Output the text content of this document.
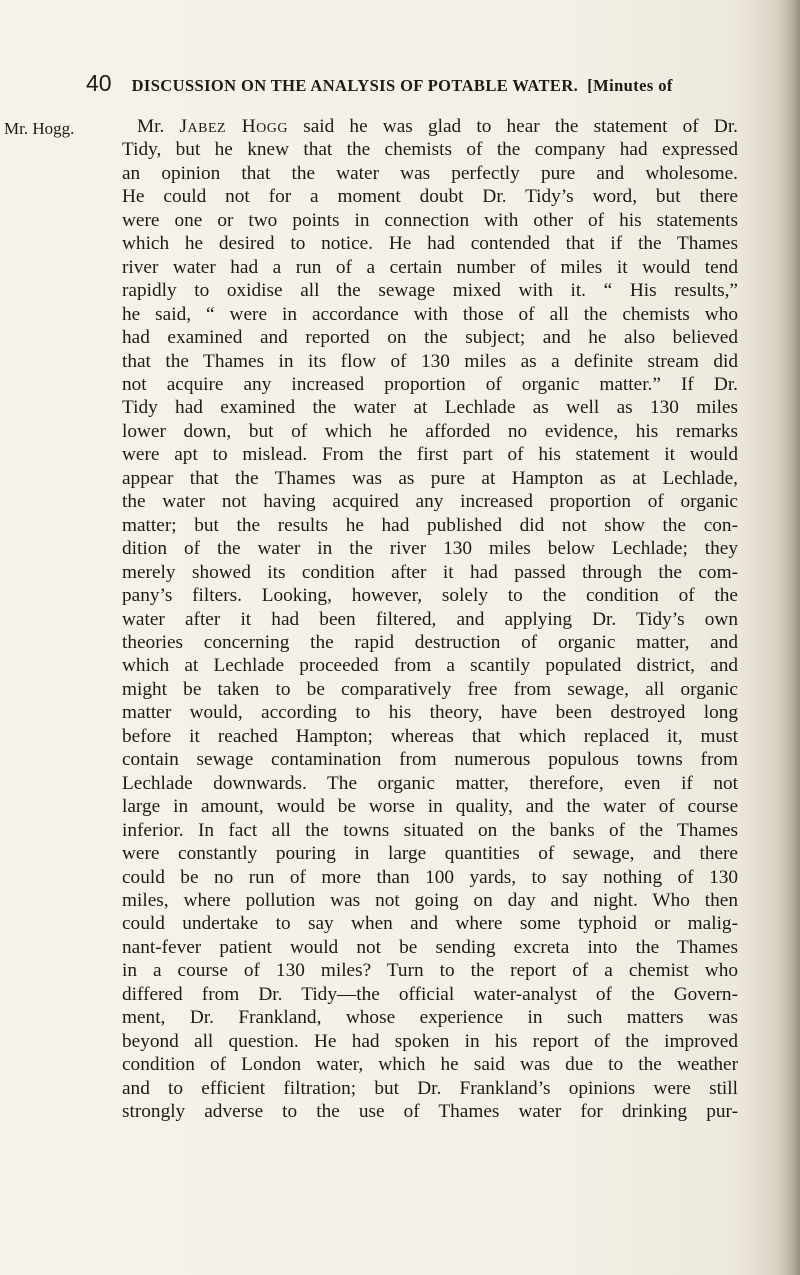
40 DISCUSSION ON THE ANALYSIS OF POTABLE WATER. [Minutes of
Mr. Hogg.	Mr. Jabez Hogg said he was glad to hear the statement of Dr.
Tidy, but he knew that the chemists of the company had expressed
an opinion that the water was perfectly pure and wholesome.
He could not for a moment doubt Dr. Tidy’s word, but there
were one or two points in connection with other of his statements
which he desired to notice. He had contended that if the Thames
river water had a run of a certain number of miles it would tend
rapidly to oxidise all the sewage mixed with it. “ His results,”
he said, “ were in accordance with those of all the chemists who
had examined and reported on the subject; and he also believed
that the Thames in its flow of 130 miles as a definite stream did
not acquire any increased proportion of organic matter.” If Dr.
Tidy had examined the water at Lechlade as well as 130 miles
lower down, but of which he afforded no evidence, his remarks
were apt to mislead. From the first part of his statement it would
appear that the Thames was as pure at Hampton as at Lechlade,
the water not having acquired any increased proportion of organic
matter; but the results he had published did not show the con-
dition of the water in the river 130 miles below Lechlade; they
merely showed its condition after it had passed through the com-
pany’s filters. Looking, however, solely to the condition of the
water after it had been filtered, and applying Dr. Tidy’s own
theories concerning the rapid destruction of organic matter, and
which at Lechlade proceeded from a scantily populated district, and
might be taken to be comparatively free from sewage, all organic
matter would, according to his theory, have been destroyed long
before it reached Hampton; whereas that which replaced it, must
contain sewage contamination from numerous populous towns from
Lechlade downwards. The organic matter, therefore, even if not
large in amount, would be worse in quality, and the water of course
inferior. In fact all the towns situated on the banks of the Thames
were constantly pouring in large quantities of sewage, and there
could be no run of more than 100 yards, to say nothing of 130
miles, where pollution was not going on day and night. Who then
could undertake to say when and where some typhoid or malig-
nant-fever patient would not be sending excreta into the Thames
in a course of 130 miles? Turn to the report of a chemist who
differed from Dr. Tidy—the official water-analyst of the Govern-
ment, Dr. Frankland, whose experience in such matters was
beyond all question. He had spoken in his report of the improved
condition of London water, which he said was due to the weather
and to efficient filtration; but Dr. Frankland’s opinions were still
strongly adverse to the use of Thames water for drinking pur-
